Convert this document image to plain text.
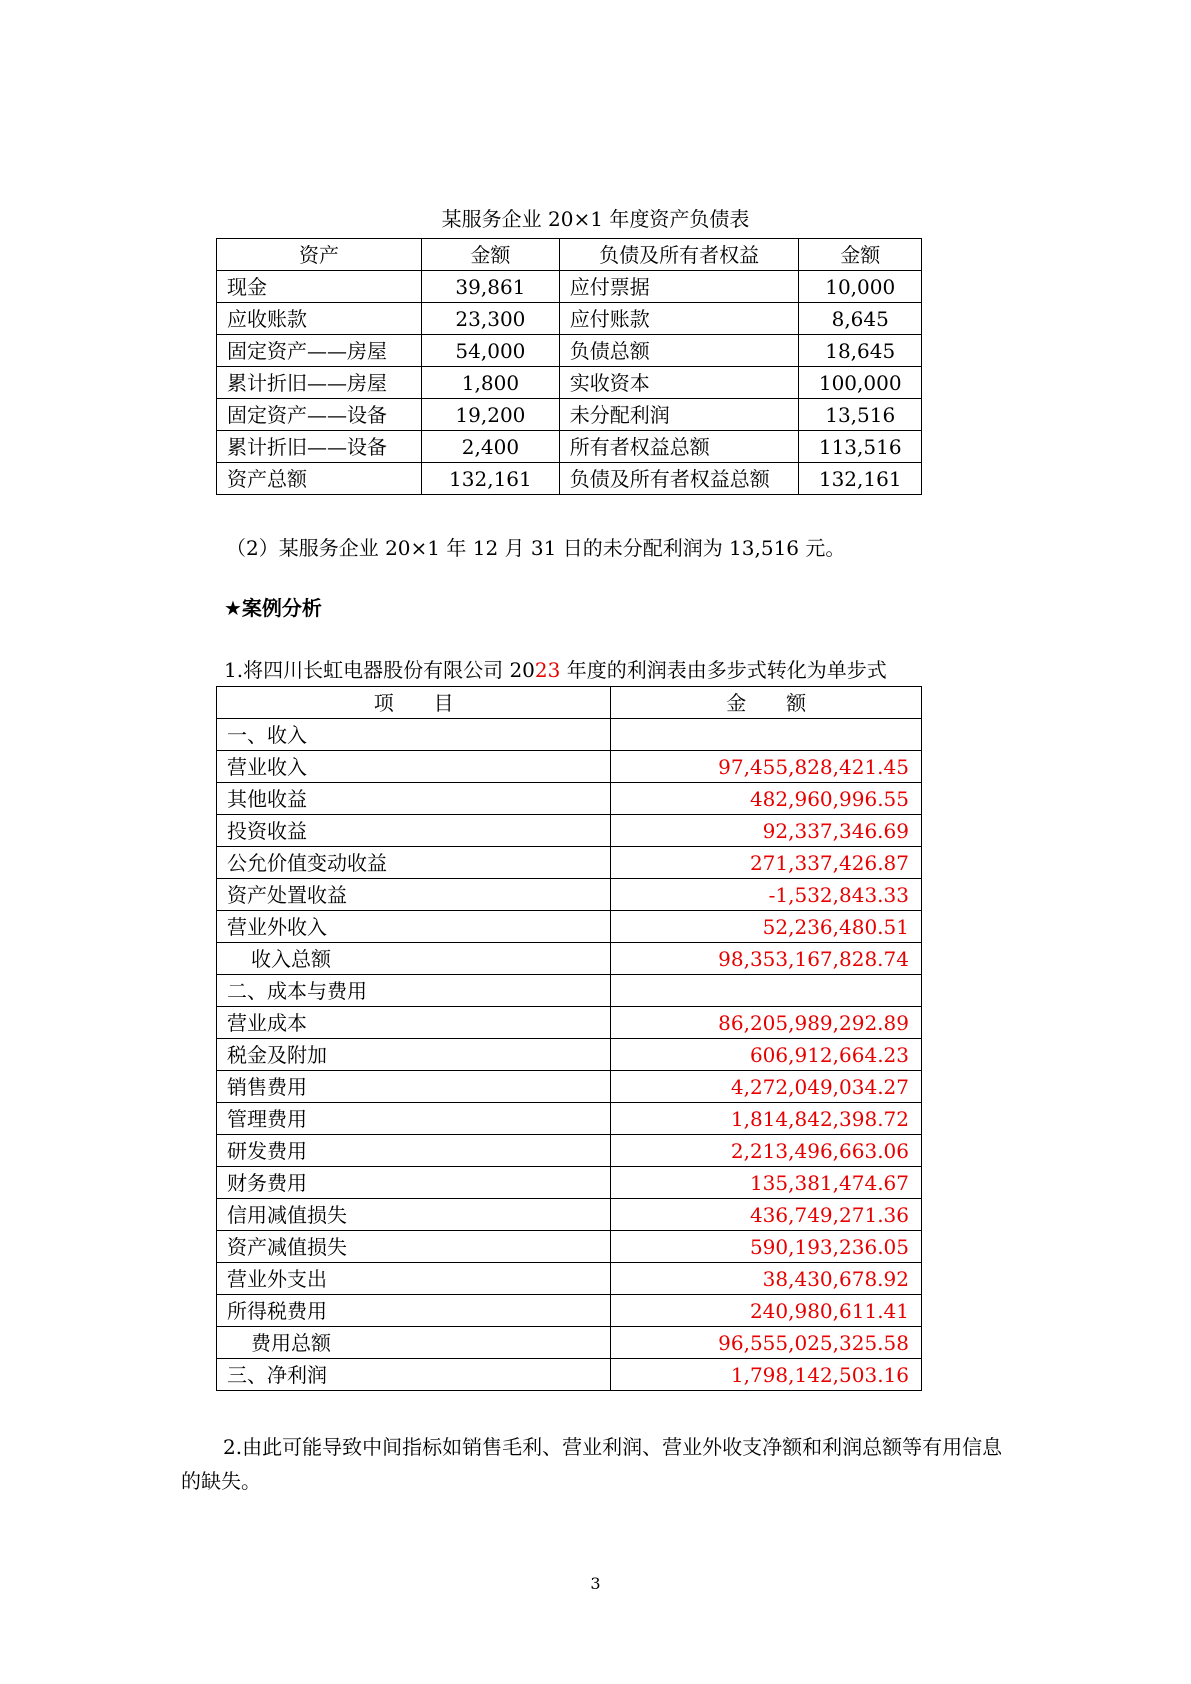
某服务企业 20×1 年度资产负债表
资产	金额	负债及所有者权益	金额
现金	39,861	应付票据	10,000
应收账款	23,300	应付账款	8,645
固定资产——房屋	54,000	负债总额	18,645
累计折旧——房屋	1,800	实收资本	100,000
固定资产——设备	19,200	未分配利润	13,516
累计折旧——设备	2,400	所有者权益总额	113,516
资产总额	132,161	负债及所有者权益总额	132,161
（2）某服务企业 20×1 年 12 月 31 日的未分配利润为 13,516 元。
★案例分析
1.将四川长虹电器股份有限公司 2023 年度的利润表由多步式转化为单步式
项　　目	金　　额
一、收入	
营业收入	97,455,828,421.45
其他收益	482,960,996.55
投资收益	92,337,346.69
公允价值变动收益	271,337,426.87
资产处置收益	-1,532,843.33
营业外收入	52,236,480.51
收入总额	98,353,167,828.74
二、成本与费用	
营业成本	86,205,989,292.89
税金及附加	606,912,664.23
销售费用	4,272,049,034.27
管理费用	1,814,842,398.72
研发费用	2,213,496,663.06
财务费用	135,381,474.67
信用减值损失	436,749,271.36
资产减值损失	590,193,236.05
营业外支出	38,430,678.92
所得税费用	240,980,611.41
费用总额	96,555,025,325.58
三、净利润	1,798,142,503.16
2.由此可能导致中间指标如销售毛利、营业利润、营业外收支净额和利润总额等有用信息的缺失。
3
